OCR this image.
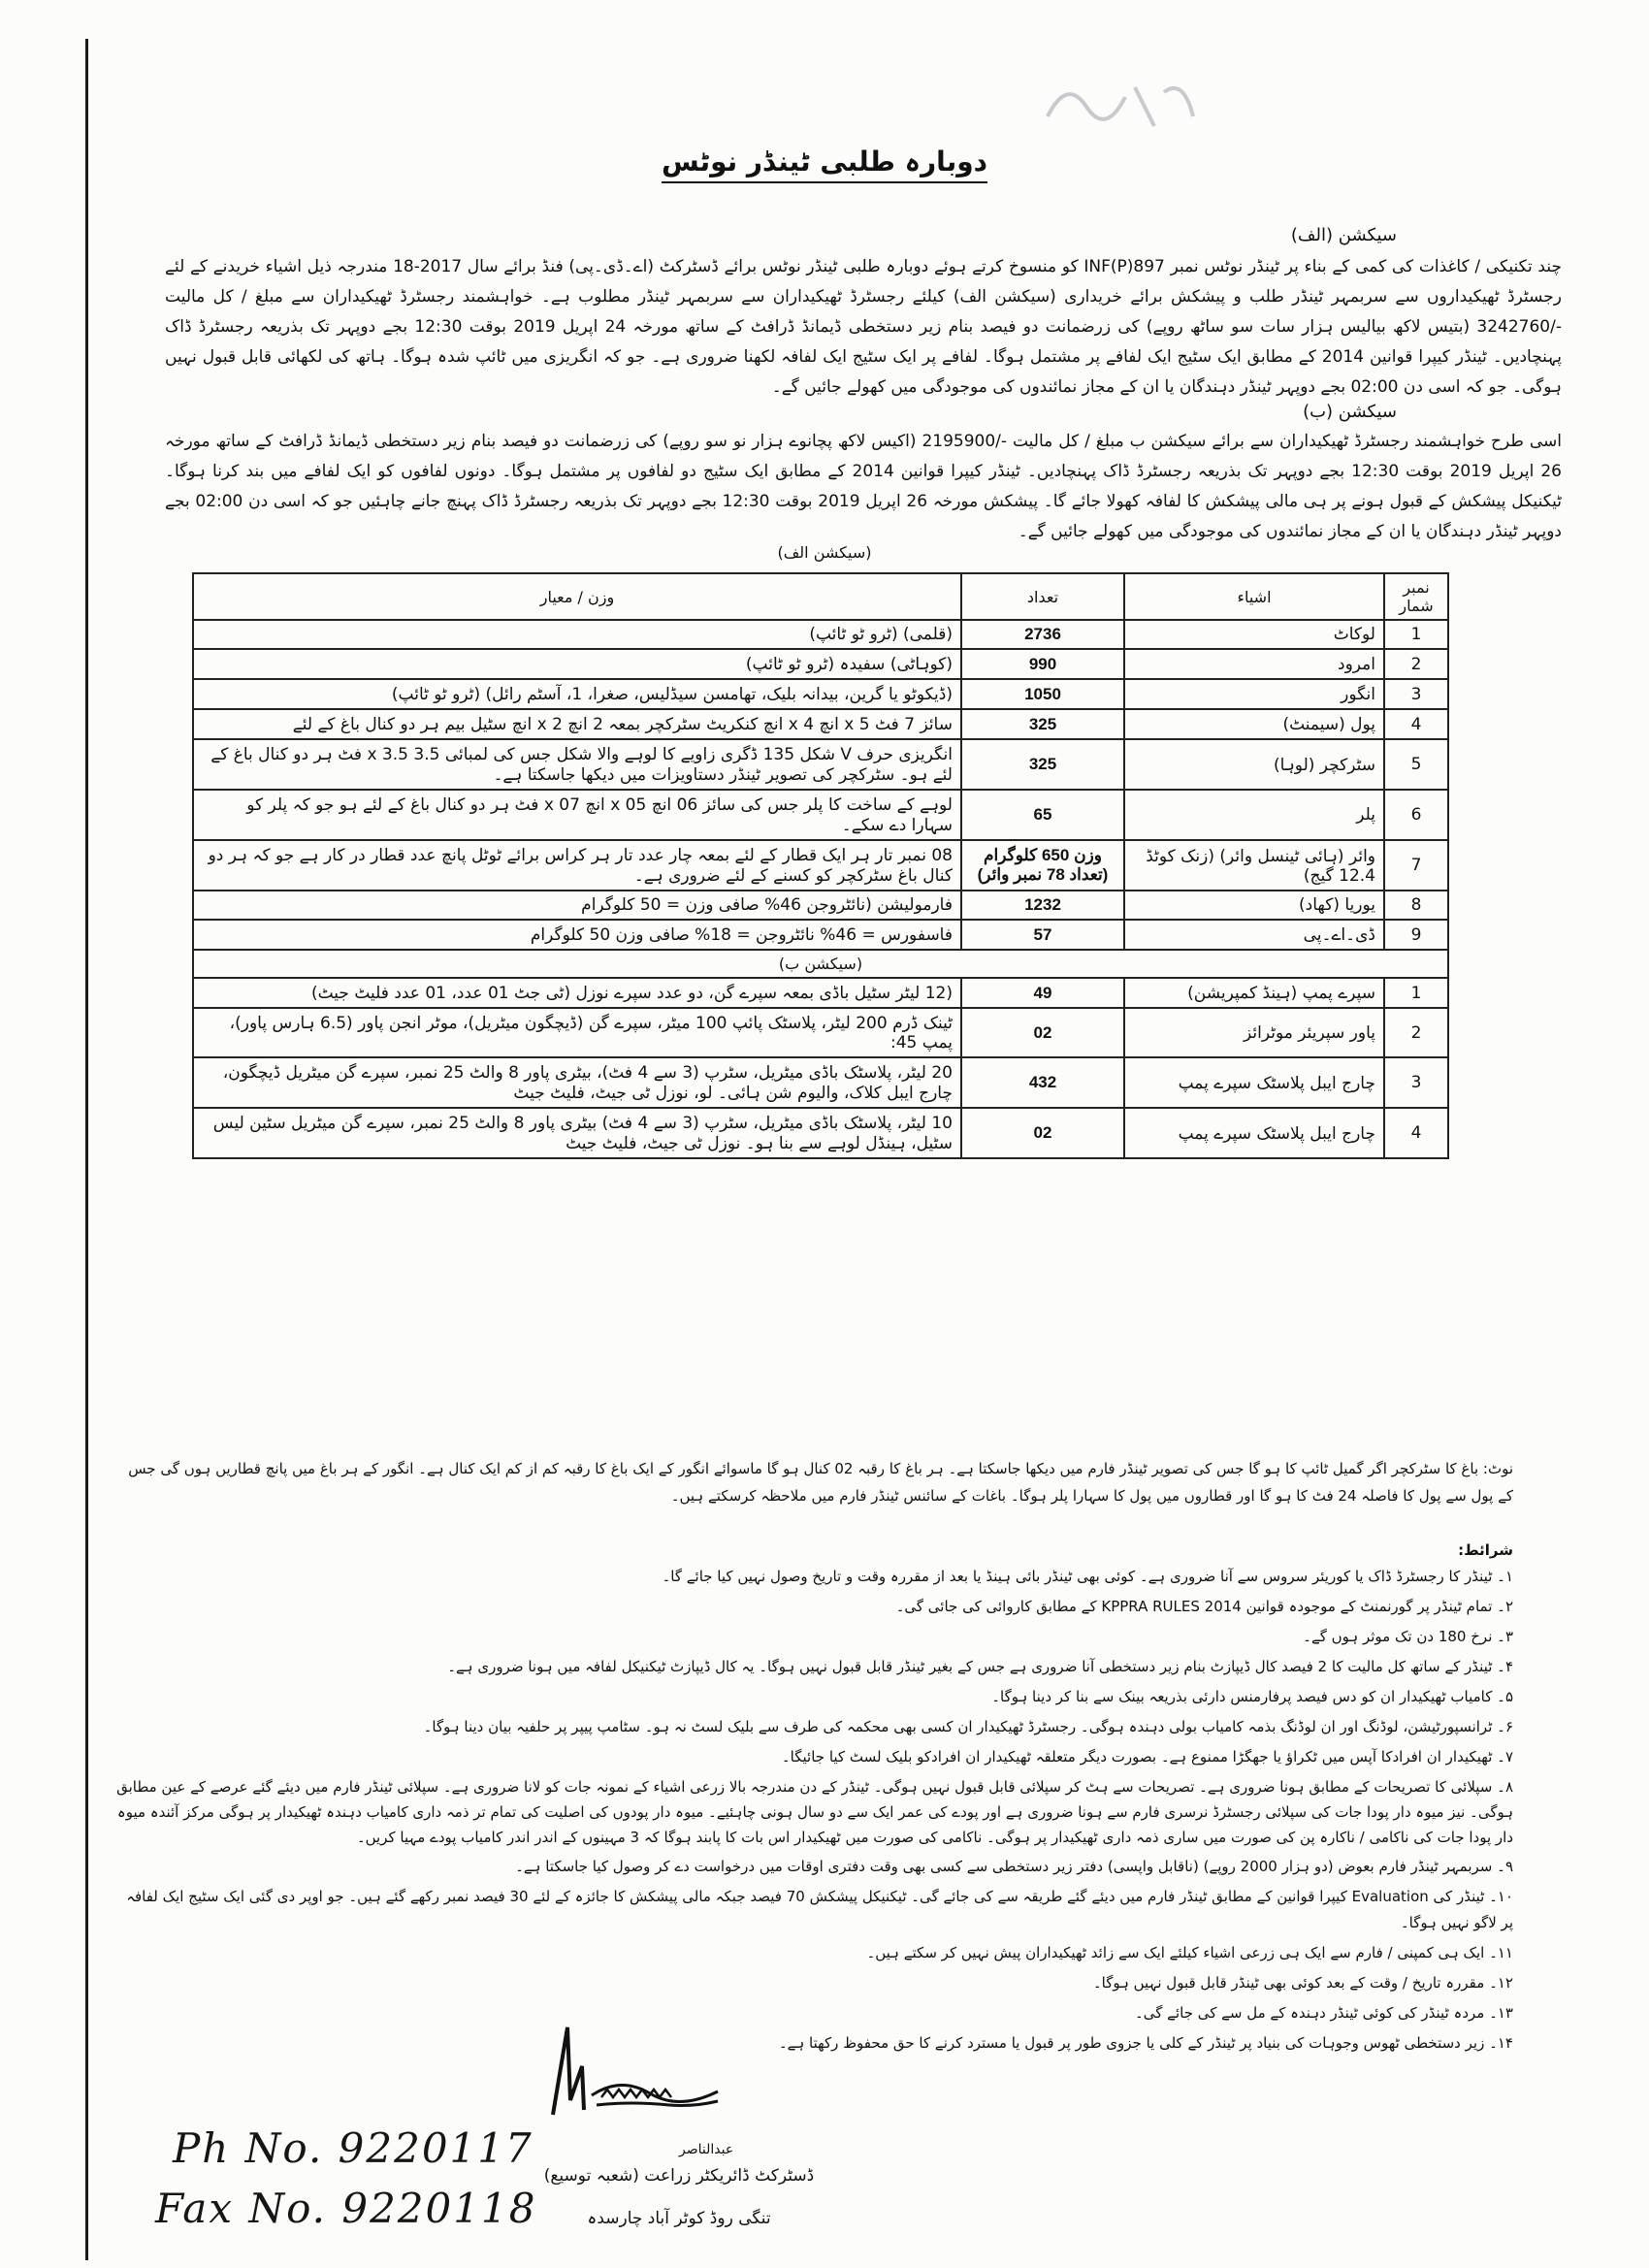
دوبارہ طلبی ٹینڈر نوٹس
سیکشن (الف)
چند تکنیکی / کاغذات کی کمی کے بناء پر ٹینڈر نوٹس نمبر INF(P)897 کو منسوخ کرتے ہوئے دوبارہ طلبی ٹینڈر نوٹس برائے ڈسٹرکٹ (اے۔ڈی۔پی) فنڈ برائے سال 2017-18 مندرجہ ذیل اشیاء خریدنے کے لئے رجسٹرڈ ٹھیکیداروں سے سربمہر ٹینڈر طلب و پیشکش برائے خریداری (سیکشن الف) کیلئے رجسٹرڈ ٹھیکیداران سے سربمہر ٹینڈر مطلوب ہے۔ خواہشمند رجسٹرڈ ٹھیکیداران سے مبلغ / کل مالیت -/3242760 (بتیس لاکھ بیالیس ہزار سات سو ساٹھ روپے) کی زرضمانت دو فیصد بنام زیر دستخطی ڈیمانڈ ڈرافٹ کے ساتھ مورخہ 24 اپریل 2019 بوقت 12:30 بجے دوپہر تک بذریعہ رجسٹرڈ ڈاک پہنچادیں۔ ٹینڈر کیپرا قوانین 2014 کے مطابق ایک سٹیج ایک لفافے پر مشتمل ہوگا۔ لفافے پر ایک سٹیج ایک لفافہ لکھنا ضروری ہے۔ جو کہ انگریزی میں ٹائپ شدہ ہوگا۔ ہاتھ کی لکھائی قابل قبول نہیں ہوگی۔ جو کہ اسی دن 02:00 بجے دوپہر ٹینڈر دہندگان یا ان کے مجاز نمائندوں کی موجودگی میں کھولے جائیں گے۔
سیکشن (ب)
اسی طرح خواہشمند رجسٹرڈ ٹھیکیداران سے برائے سیکشن ب مبلغ / کل مالیت -/2195900 (اکیس لاکھ پچانوے ہزار نو سو روپے) کی زرضمانت دو فیصد بنام زیر دستخطی ڈیمانڈ ڈرافٹ کے ساتھ مورخہ 26 اپریل 2019 بوقت 12:30 بجے دوپہر تک بذریعہ رجسٹرڈ ڈاک پہنچادیں۔ ٹینڈر کیپرا قوانین 2014 کے مطابق ایک سٹیج دو لفافوں پر مشتمل ہوگا۔ دونوں لفافوں کو ایک لفافے میں بند کرنا ہوگا۔ ٹیکنیکل پیشکش کے قبول ہونے پر ہی مالی پیشکش کا لفافہ کھولا جائے گا۔ پیشکش مورخہ 26 اپریل 2019 بوقت 12:30 بجے دوپہر تک بذریعہ رجسٹرڈ ڈاک پہنچ جانے چاہئیں جو کہ اسی دن 02:00 بجے دوپہر ٹینڈر دہندگان یا ان کے مجاز نمائندوں کی موجودگی میں کھولے جائیں گے۔
(سیکشن الف)
نمبر شمار	اشیاء	تعداد	وزن / معیار
1	لوکاٹ	2736	(قلمی) (ٹرو ٹو ٹائپ)
2	امرود	990	(کوہاٹی) سفیدہ (ٹرو ٹو ٹائپ)
3	انگور	1050	(ڈیکوٹو یا گرین، بیدانہ بلیک، تھامسن سیڈلیس، صغرا، 1، آسٹم رائل) (ٹرو ٹو ٹائپ)
4	پول (سیمنٹ)	325	سائز 7 فٹ x 5 انچ x 4 انچ کنکریٹ سٹرکچر بمعہ 2 انچ x 2 انچ سٹیل بیم ہر دو کنال باغ کے لئے
5	سٹرکچر (لوہا)	325	انگریزی حرف V شکل 135 ڈگری زاویے کا لوہے والا شکل جس کی لمبائی 3.5 x 3.5 فٹ ہر دو کنال باغ کے لئے ہو۔ سٹرکچر کی تصویر ٹینڈر دستاویزات میں دیکھا جاسکتا ہے۔
6	پلر	65	لوہے کے ساخت کا پلر جس کی سائز 06 انچ x 05 انچ x 07 فٹ ہر دو کنال باغ کے لئے ہو جو کہ پلر کو سہارا دے سکے۔
7	وائر (ہائی ٹینسل وائر) (زنک کوٹڈ 12.4 گیج)	وزن 650 کلوگرام (تعداد 78 نمبر وائر)	08 نمبر تار ہر ایک قطار کے لئے بمعہ چار عدد تار ہر کراس برائے ٹوٹل پانچ عدد قطار در کار ہے جو کہ ہر دو کنال باغ سٹرکچر کو کسنے کے لئے ضروری ہے۔
8	یوریا (کھاد)	1232	فارمولیشن (نائٹروجن 46% صافی وزن = 50 کلوگرام
9	ڈی۔اے۔پی	57	فاسفورس = 46% نائٹروجن = 18% صافی وزن 50 کلوگرام
(سیکشن ب)			
1	سپرے پمپ (ہینڈ کمپریشن)	49	(12 لیٹر سٹیل باڈی بمعہ سپرے گن، دو عدد سپرے نوزل (ٹی جٹ 01 عدد، 01 عدد فلیٹ جیٹ)
2	پاور سپریئر موٹرائز	02	ٹینک ڈرم 200 لیٹر، پلاسٹک پائپ 100 میٹر، سپرے گن (ڈیچگون میٹریل)، موٹر انجن پاور (6.5 ہارس پاور)، پمپ 45:
3	چارج ایبل پلاسٹک سپرے پمپ	432	20 لیٹر، پلاسٹک باڈی میٹریل، سٹرپ (3 سے 4 فٹ)، بیٹری پاور 8 والٹ 25 نمبر، سپرے گن میٹریل ڈیچگون، چارج ایبل کلاک، والیوم شن ہائی۔ لو، نوزل ٹی جیٹ، فلیٹ جیٹ
4	چارج ایبل پلاسٹک سپرے پمپ	02	10 لیٹر، پلاسٹک باڈی میٹریل، سٹرپ (3 سے 4 فٹ) بیٹری پاور 8 والٹ 25 نمبر، سپرے گن میٹریل سٹین لیس سٹیل، ہینڈل لوہے سے بنا ہو۔ نوزل ٹی جیٹ، فلیٹ جیٹ
نوٹ: باغ کا سٹرکچر اگر گمیل ٹائپ کا ہو گا جس کی تصویر ٹینڈر فارم میں دیکھا جاسکتا ہے۔ ہر باغ کا رقبہ 02 کنال ہو گا ماسوائے انگور کے ایک باغ کا رقبہ کم از کم ایک کنال ہے۔ انگور کے ہر باغ میں پانچ قطاریں ہوں گی جس کے پول سے پول کا فاصلہ 24 فٹ کا ہو گا اور قطاروں میں پول کا سہارا پلر ہوگا۔ باغات کے سائنس ٹینڈر فارم میں ملاحظہ کرسکتے ہیں۔
شرائط:
۱۔ ٹینڈر کا رجسٹرڈ ڈاک یا کوریئر سروس سے آنا ضروری ہے۔ کوئی بھی ٹینڈر بائی ہینڈ یا بعد از مقررہ وقت و تاریخ وصول نہیں کیا جائے گا۔
۲۔ تمام ٹینڈر پر گورنمنٹ کے موجودہ قوانین KPPRA RULES 2014 کے مطابق کاروائی کی جائی گی۔
۳۔ نرخ 180 دن تک موثر ہوں گے۔
۴۔ ٹینڈر کے ساتھ کل مالیت کا 2 فیصد کال ڈیپازٹ بنام زیر دستخطی آنا ضروری ہے جس کے بغیر ٹینڈر قابل قبول نہیں ہوگا۔ یہ کال ڈیپازٹ ٹیکنیکل لفافہ میں ہونا ضروری ہے۔
۵۔ کامیاب ٹھیکیدار ان کو دس فیصد پرفارمنس دارئی بذریعہ بینک سے بنا کر دینا ہوگا۔
۶۔ ٹرانسپورٹیشن، لوڈنگ اور ان لوڈنگ بذمہ کامیاب بولی دہندہ ہوگی۔ رجسٹرڈ ٹھیکیدار ان کسی بھی محکمہ کی طرف سے بلیک لسٹ نہ ہو۔ سٹامپ پیپر پر حلفیہ بیان دینا ہوگا۔
۷۔ ٹھیکیدار ان افرادکا آپس میں ٹکراؤ یا جھگڑا ممنوع ہے۔ بصورت دیگر متعلقہ ٹھیکیدار ان افرادکو بلیک لسٹ کیا جائیگا۔
۸۔ سپلائی کا تصریحات کے مطابق ہونا ضروری ہے۔ تصریحات سے ہٹ کر سپلائی قابل قبول نہیں ہوگی۔ ٹینڈر کے دن مندرجہ بالا زرعی اشیاء کے نمونہ جات کو لانا ضروری ہے۔ سپلائی ٹینڈر فارم میں دیئے گئے عرصے کے عین مطابق ہوگی۔ نیز میوہ دار پودا جات کی سپلائی رجسٹرڈ نرسری فارم سے ہونا ضروری ہے اور پودے کی عمر ایک سے دو سال ہونی چاہئیے۔ میوہ دار پودوں کی اصلیت کی تمام تر ذمہ داری کامیاب دہندہ ٹھیکیدار پر ہوگی مرکز آئندہ میوہ دار پودا جات کی ناکامی / ناکارہ پن کی صورت میں ساری ذمہ داری ٹھیکیدار پر ہوگی۔ ناکامی کی صورت میں ٹھیکیدار اس بات کا پابند ہوگا کہ 3 مہینوں کے اندر اندر کامیاب پودے مہیا کریں۔
۹۔ سربمہر ٹینڈر فارم بعوض (دو ہزار 2000 روپے) (ناقابل واپسی) دفتر زیر دستخطی سے کسی بھی وقت دفتری اوقات میں درخواست دے کر وصول کیا جاسکتا ہے۔
۱۰۔ ٹینڈر کی Evaluation کیپرا قوانین کے مطابق ٹینڈر فارم میں دیئے گئے طریقہ سے کی جائے گی۔ ٹیکنیکل پیشکش 70 فیصد جبکہ مالی پیشکش کا جائزہ کے لئے 30 فیصد نمبر رکھے گئے ہیں۔ جو اوپر دی گئی ایک سٹیج ایک لفافہ پر لاگو نہیں ہوگا۔
۱۱۔ ایک ہی کمپنی / فارم سے ایک ہی زرعی اشیاء کیلئے ایک سے زائد ٹھیکیداران پیش نہیں کر سکتے ہیں۔
۱۲۔ مقررہ تاریخ / وقت کے بعد کوئی بھی ٹینڈر قابل قبول نہیں ہوگا۔
۱۳۔ مردہ ٹینڈر کی کوئی ٹینڈر دہندہ کے مل سے کی جائے گی۔
۱۴۔ زیر دستخطی ٹھوس وجوہات کی بنیاد پر ٹینڈر کے کلی یا جزوی طور پر قبول یا مسترد کرنے کا حق محفوظ رکھتا ہے۔
عبدالناصر
ڈسٹرکٹ ڈائریکٹر زراعت (شعبہ توسیع)
تنگی روڈ کوٹر آباد چارسدہ
Ph No. 9220117
Fax No. 9220118
